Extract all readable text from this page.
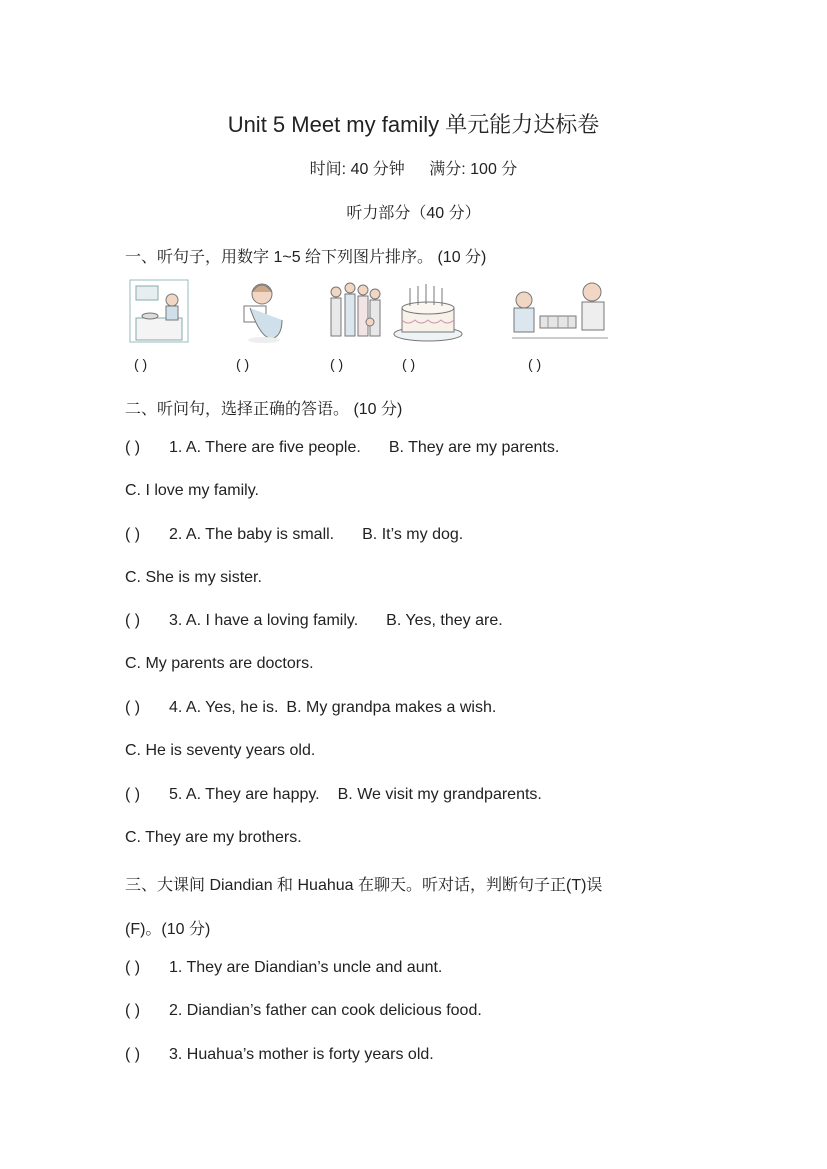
Unit 5 Meet my family 单元能力达标卷
时间: 40 分钟 满分: 100 分
听力部分（40 分）
一、听句子，用数字 1~5 给下列图片排序。 (10 分)
( )	( )	( )	( )	( )
二、听问句，选择正确的答语。 (10 分)
( ) 1. A. There are five people. B. They are my parents.
C. I love my family.
( ) 2. A. The baby is small. B. It’s my dog.
C. She is my sister.
( ) 3. A. I have a loving family. B. Yes, they are.
C. My parents are doctors.
( ) 4. A. Yes, he is. B. My grandpa makes a wish.
C. He is seventy years old.
( ) 5. A. They are happy. B. We visit my grandparents.
C. They are my brothers.
三、大课间 Diandian 和 Huahua 在聊天。听对话，判断句子正(T)误
(F)。(10 分)
( ) 1. They are Diandian’s uncle and aunt.
( ) 2. Diandian’s father can cook delicious food.
( ) 3. Huahua’s mother is forty years old.
